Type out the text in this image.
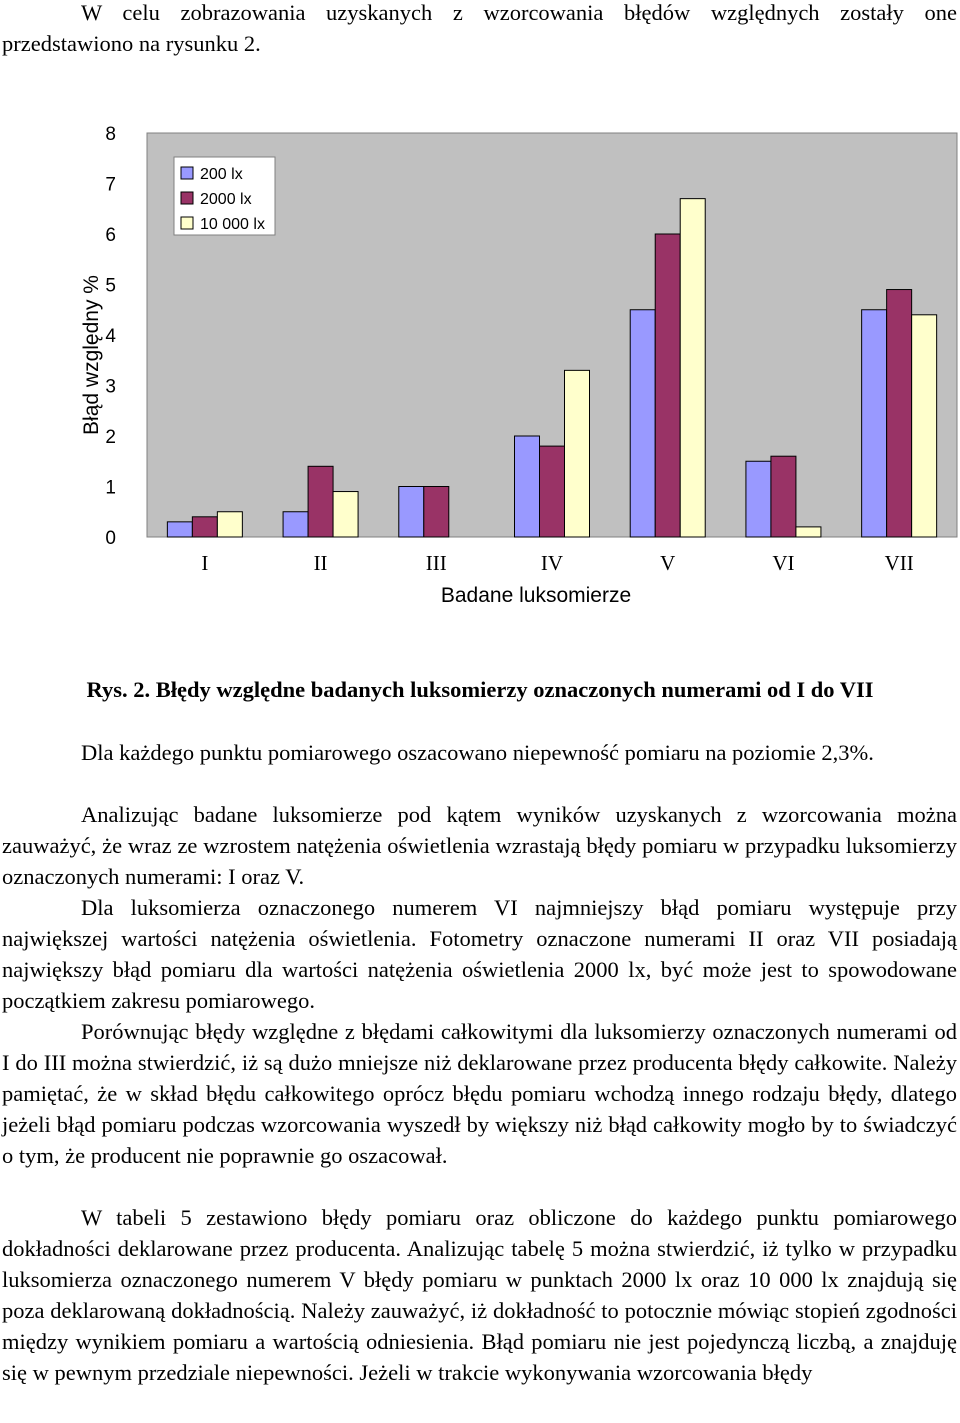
W celu zobrazowania uzyskanych z wzorcowania błędów względnych zostały one przedstawiono na rysunku 2.

0
1
2
3
4
5
6
7
8
I	II	III	IV	V	VI	VII
Błąd względny %
Badane luksomierze
200 lx
2000 lx
10 000 lx
Rys. 2. Błędy względne badanych luksomierzy oznaczonych numerami od I do VII

Dla każdego punktu pomiarowego oszacowano niepewność pomiaru na poziomie 2,3%.

Analizując badane luksomierze pod kątem wyników uzyskanych z wzorcowania można zauważyć, że wraz ze wzrostem natężenia oświetlenia wzrastają błędy pomiaru w przypadku luksomierzy oznaczonych numerami: I oraz V.

Dla luksomierza oznaczonego numerem VI najmniejszy błąd pomiaru występuje przy największej wartości natężenia oświetlenia. Fotometry oznaczone numerami II oraz VII posiadają największy błąd pomiaru dla wartości natężenia oświetlenia 2000 lx, być może jest to spowodowane początkiem zakresu pomiarowego.

Porównując błędy względne z błędami całkowitymi dla luksomierzy oznaczonych numerami od I do III można stwierdzić, iż są dużo mniejsze niż deklarowane przez producenta błędy całkowite. Należy pamiętać, że w skład błędu całkowitego oprócz błędu pomiaru wchodzą innego rodzaju błędy, dlatego jeżeli błąd pomiaru podczas wzorcowania wyszedł by większy niż błąd całkowity mogło by to świadczyć o tym, że producent nie poprawnie go oszacował.

W tabeli 5 zestawiono błędy pomiaru oraz obliczone do każdego punktu pomiarowego dokładności deklarowane przez producenta. Analizując tabelę 5 można stwierdzić, iż tylko w przypadku luksomierza oznaczonego numerem V błędy pomiaru w punktach 2000 lx oraz 10 000 lx znajdują się poza deklarowaną dokładnością. Należy zauważyć, iż dokładność to potocznie mówiąc stopień zgodności między wynikiem pomiaru a wartością odniesienia. Błąd pomiaru nie jest pojedynczą liczbą, a znajduję się w pewnym przedziale niepewności. Jeżeli w trakcie wykonywania wzorcowania błędy
